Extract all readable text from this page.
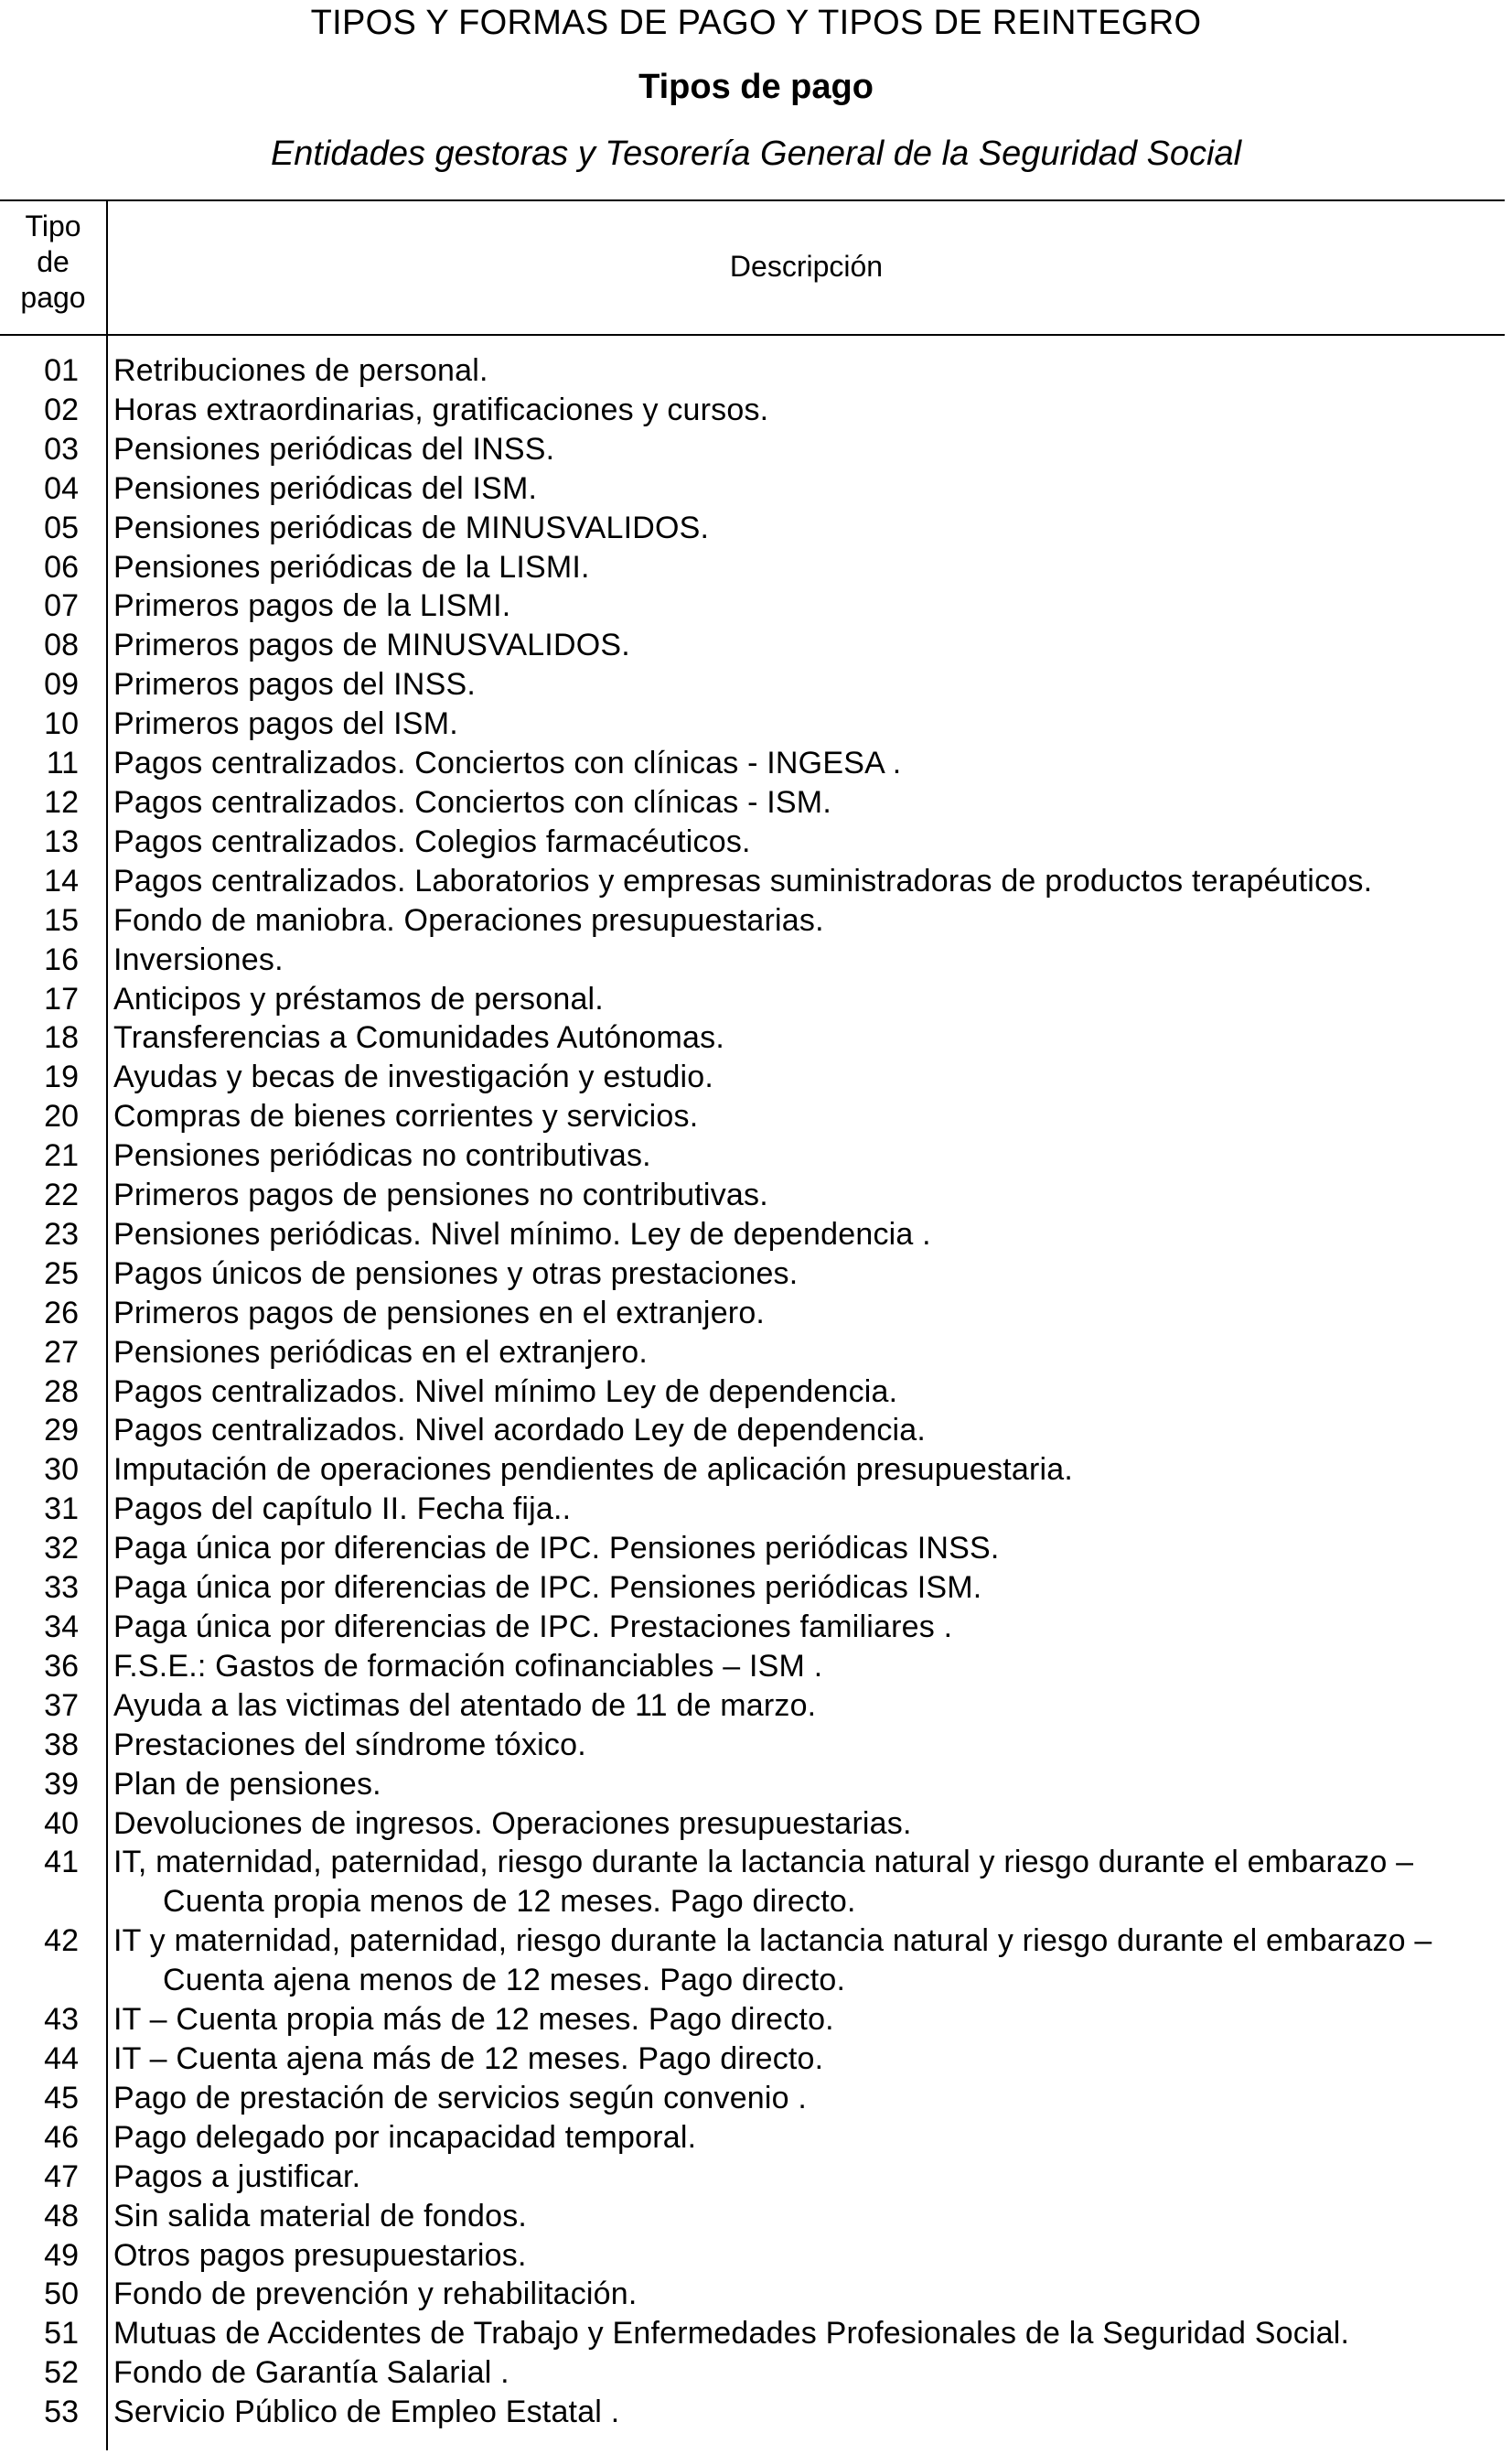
TIPOS Y FORMAS DE PAGO Y TIPOS DE REINTEGRO
Tipos de pago
Entidades gestoras y Tesorería General de la Seguridad Social
Tipo
de
pago
Descripción
01 Retribuciones de personal.
02 Horas extraordinarias, gratificaciones y cursos.
03 Pensiones periódicas del INSS.
04 Pensiones periódicas del ISM.
05 Pensiones periódicas de MINUSVALIDOS.
06 Pensiones periódicas de la LISMI.
07 Primeros pagos de la LISMI.
08 Primeros pagos de MINUSVALIDOS.
09 Primeros pagos del INSS.
10 Primeros pagos del ISM.
11 Pagos centralizados. Conciertos con clínicas - INGESA .
12 Pagos centralizados. Conciertos con clínicas - ISM.
13 Pagos centralizados. Colegios farmacéuticos.
14 Pagos centralizados. Laboratorios y empresas suministradoras de productos terapéuticos.
15 Fondo de maniobra. Operaciones presupuestarias.
16 Inversiones.
17 Anticipos y préstamos de personal.
18 Transferencias a Comunidades Autónomas.
19 Ayudas y becas de investigación y estudio.
20 Compras de bienes corrientes y servicios.
21 Pensiones periódicas no contributivas.
22 Primeros pagos de pensiones no contributivas.
23 Pensiones periódicas. Nivel mínimo. Ley de dependencia .
25 Pagos únicos de pensiones y otras prestaciones.
26 Primeros pagos de pensiones en el extranjero.
27 Pensiones periódicas en el extranjero.
28 Pagos centralizados. Nivel mínimo Ley de dependencia.
29 Pagos centralizados. Nivel acordado Ley de dependencia.
30 Imputación de operaciones pendientes de aplicación presupuestaria.
31 Pagos del capítulo II. Fecha fija..
32 Paga única por diferencias de IPC. Pensiones periódicas INSS.
33 Paga única por diferencias de IPC. Pensiones periódicas ISM.
34 Paga única por diferencias de IPC. Prestaciones familiares .
36 F.S.E.: Gastos de formación cofinanciables – ISM .
37 Ayuda a las victimas del atentado de 11 de marzo.
38 Prestaciones del síndrome tóxico.
39 Plan de pensiones.
40 Devoluciones de ingresos. Operaciones presupuestarias.
41 IT, maternidad, paternidad, riesgo durante la lactancia natural y riesgo durante el embarazo – Cuenta propia menos de 12 meses. Pago directo.
42 IT y maternidad, paternidad, riesgo durante la lactancia natural y riesgo durante el embarazo – Cuenta ajena menos de 12 meses. Pago directo.
43 IT – Cuenta propia más de 12 meses. Pago directo.
44 IT – Cuenta ajena más de 12 meses. Pago directo.
45 Pago de prestación de servicios según convenio .
46 Pago delegado por incapacidad temporal.
47 Pagos a justificar.
48 Sin salida material de fondos.
49 Otros pagos presupuestarios.
50 Fondo de prevención y rehabilitación.
51 Mutuas de Accidentes de Trabajo y Enfermedades Profesionales de la Seguridad Social.
52 Fondo de Garantía Salarial .
53 Servicio Público de Empleo Estatal .
